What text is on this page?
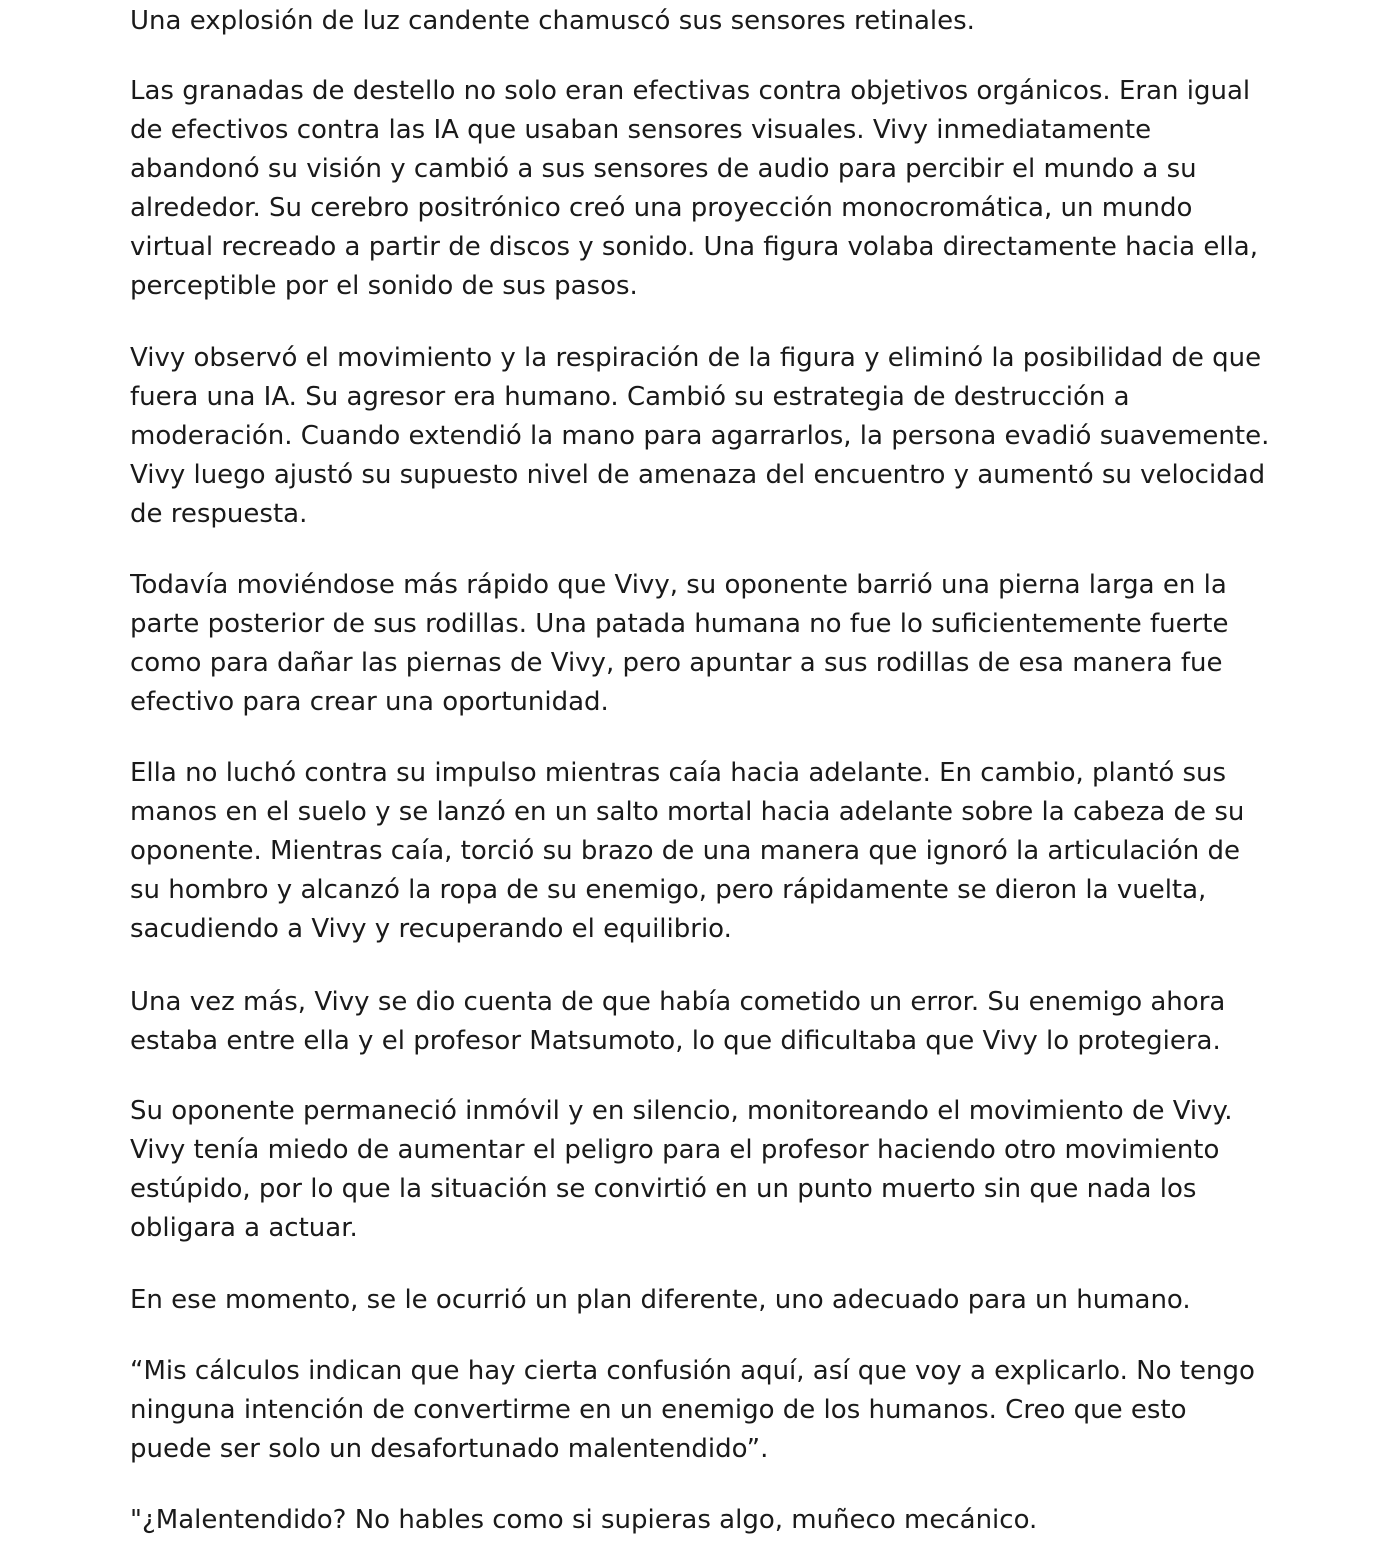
Una explosión de luz candente chamuscó sus sensores retinales.
Las granadas de destello no solo eran efectivas contra objetivos orgánicos. Eran igual
de efectivos contra las IA que usaban sensores visuales. Vivy inmediatamente
abandonó su visión y cambió a sus sensores de audio para percibir el mundo a su
alrededor. Su cerebro positrónico creó una proyección monocromática, un mundo
virtual recreado a partir de discos y sonido. Una figura volaba directamente hacia ella,
perceptible por el sonido de sus pasos.
Vivy observó el movimiento y la respiración de la figura y eliminó la posibilidad de que
fuera una IA. Su agresor era humano. Cambió su estrategia de destrucción a
moderación. Cuando extendió la mano para agarrarlos, la persona evadió suavemente.
Vivy luego ajustó su supuesto nivel de amenaza del encuentro y aumentó su velocidad
de respuesta.
Todavía moviéndose más rápido que Vivy, su oponente barrió una pierna larga en la
parte posterior de sus rodillas. Una patada humana no fue lo suficientemente fuerte
como para dañar las piernas de Vivy, pero apuntar a sus rodillas de esa manera fue
efectivo para crear una oportunidad.
Ella no luchó contra su impulso mientras caía hacia adelante. En cambio, plantó sus
manos en el suelo y se lanzó en un salto mortal hacia adelante sobre la cabeza de su
oponente. Mientras caía, torció su brazo de una manera que ignoró la articulación de
su hombro y alcanzó la ropa de su enemigo, pero rápidamente se dieron la vuelta,
sacudiendo a Vivy y recuperando el equilibrio.
Una vez más, Vivy se dio cuenta de que había cometido un error. Su enemigo ahora
estaba entre ella y el profesor Matsumoto, lo que dificultaba que Vivy lo protegiera.
Su oponente permaneció inmóvil y en silencio, monitoreando el movimiento de Vivy.
Vivy tenía miedo de aumentar el peligro para el profesor haciendo otro movimiento
estúpido, por lo que la situación se convirtió en un punto muerto sin que nada los
obligara a actuar.
En ese momento, se le ocurrió un plan diferente, uno adecuado para un humano.
“Mis cálculos indican que hay cierta confusión aquí, así que voy a explicarlo. No tengo
ninguna intención de convertirme en un enemigo de los humanos. Creo que esto
puede ser solo un desafortunado malentendido”.
"¿Malentendido? No hables como si supieras algo, muñeco mecánico.
